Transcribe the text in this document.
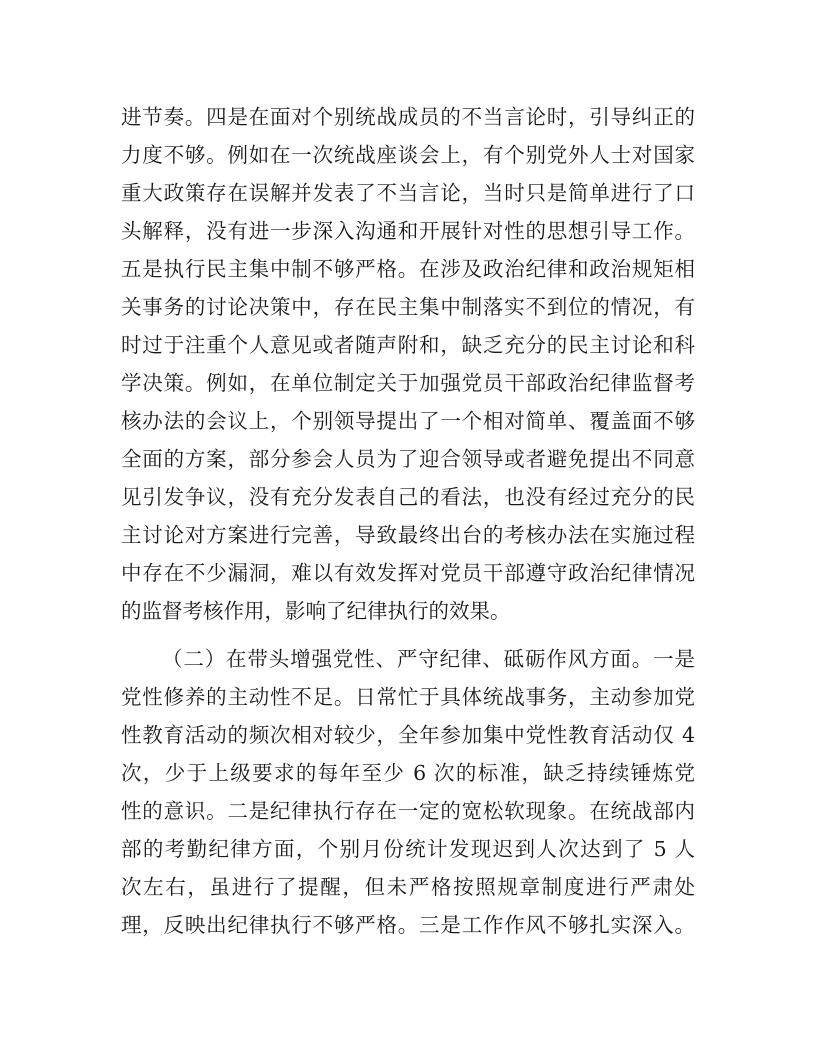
进节奏。四是在面对个别统战成员的不当言论时，引导纠正的
力度不够。例如在一次统战座谈会上，有个别党外人士对国家
重大政策存在误解并发表了不当言论，当时只是简单进行了口
头解释，没有进一步深入沟通和开展针对性的思想引导工作。
五是执行民主集中制不够严格。在涉及政治纪律和政治规矩相
关事务的讨论决策中，存在民主集中制落实不到位的情况，有
时过于注重个人意见或者随声附和，缺乏充分的民主讨论和科
学决策。例如，在单位制定关于加强党员干部政治纪律监督考
核办法的会议上，个别领导提出了一个相对简单、覆盖面不够
全面的方案，部分参会人员为了迎合领导或者避免提出不同意
见引发争议，没有充分发表自己的看法，也没有经过充分的民
主讨论对方案进行完善，导致最终出台的考核办法在实施过程
中存在不少漏洞，难以有效发挥对党员干部遵守政治纪律情况
的监督考核作用，影响了纪律执行的效果。
（二）在带头增强党性、严守纪律、砥砺作风方面。一是
党性修养的主动性不足。日常忙于具体统战事务，主动参加党
性教育活动的频次相对较少，全年参加集中党性教育活动仅 4
次，少于上级要求的每年至少 6 次的标准，缺乏持续锤炼党
性的意识。二是纪律执行存在一定的宽松软现象。在统战部内
部的考勤纪律方面，个别月份统计发现迟到人次达到了 5 人
次左右，虽进行了提醒，但未严格按照规章制度进行严肃处
理，反映出纪律执行不够严格。三是工作作风不够扎实深入。
